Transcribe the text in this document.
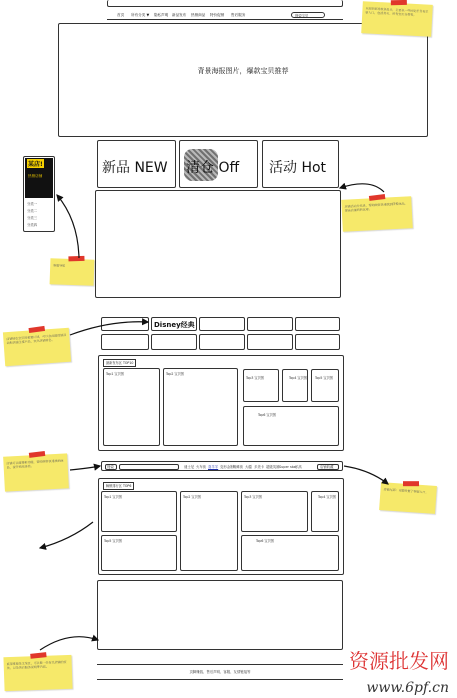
首页 所有分类 ▼ 隐私声明 新品发布 热销商品 特价促销 售后服务	搜索宝贝
背景海报图片，爆款宝贝推荐
新品 NEW 清仓 Off 活动 Hot
某店!
热销店铺
分类一
分类二
分类三
分类四
Disney经典
最新发布区 TOP10
Top1 宝贝图	Top2 宝贝图
Top3 宝贝图	Top4 宝贝图	Top5 宝贝图
Top6 宝贝图
搜索	迪士尼 火车侠 喜羊羊 变形金刚 蜘蛛侠 大疆 多美卡 超级英雄 Super star
乐高	店铺收藏
畅销排行区 TOP6
Top1 宝贝图	Top2 宝贝图	Top3 宝贝图	Top4 宝贝图
Top5 宝贝图	Top6 宝贝图
页脚赚钱、售后声明、客服、友情链接等
页面顶部导航条设计，主要以一些固定栏目和主要入口，包括首页、所有宝贝分类等。
店铺活动分类块，帮助顾客快速找到所需商品，提高店铺的转化率。
客服导航
店铺特色宝贝的重要区域，可以在此做促销活动和店铺主推产品，突出店铺特色。
店铺可以做搜索功能，帮助顾客快速找到商品，提升购买体验。
店铺尾部：页脚设置了客服入口。
底部排版及文案区，可以做一些有关店铺的宣传，以及售后服务说明等内容。	资源批发网
www.6pf.cn
